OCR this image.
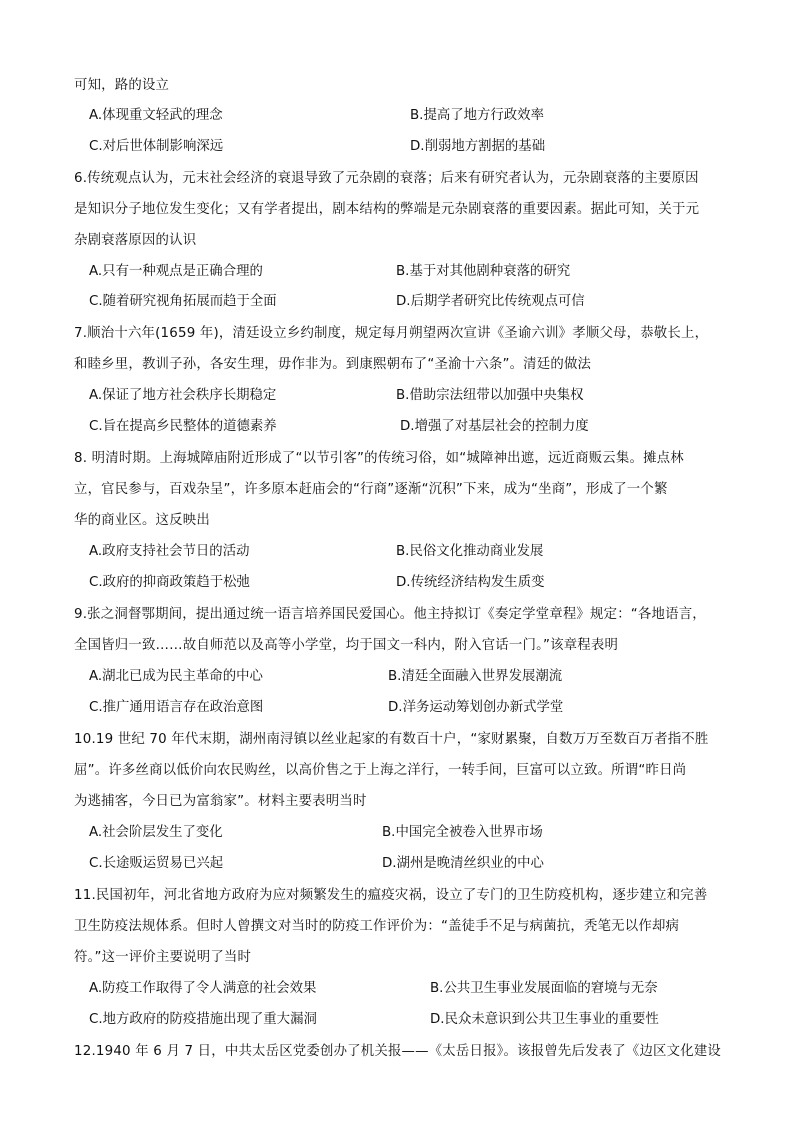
可知，路的设立
A.体现重文轻武的理念	B.提高了地方行政效率
C.对后世体制影响深远	D.削弱地方割据的基础
6.传统观点认为，元末社会经济的衰退导致了元杂剧的衰落；后来有研究者认为，元杂剧衰落的主要原因
是知识分子地位发生变化；又有学者提出，剧本结构的弊端是元杂剧衰落的重要因素。据此可知，关于元
杂剧衰落原因的认识
A.只有一种观点是正确合理的	B.基于对其他剧种衰落的研究
C.随着研究视角拓展而趋于全面	D.后期学者研究比传统观点可信
7.顺治十六年(1659 年)，清廷设立乡约制度，规定每月朔望两次宣讲《圣谕六训》孝顺父母，恭敬长上，
和睦乡里，教训子孙，各安生理，毋作非为。到康熙朝布了“圣渝十六条”。清廷的做法
A.保证了地方社会秩序长期稳定	B.借助宗法纽带以加强中央集权
C.旨在提高乡民整体的道德素养	D.增强了对基层社会的控制力度
8. 明清时期。上海城障庙附近形成了“以节引客”的传统习俗，如“城障神出遮，远近商贩云集。摊点林
立，官民参与，百戏杂呈”，许多原本赶庙会的“行商”逐渐“沉积”下来，成为“坐商”，形成了一个繁
华的商业区。这反映出
A.政府支持社会节日的活动	B.民俗文化推动商业发展
C.政府的抑商政策趋于松弛	D.传统经济结构发生质变
9.张之洞督鄂期间，提出通过统一语言培养国民爱国心。他主持拟订《奏定学堂章程》规定：“各地语言，
全国皆归一致……故自师范以及高等小学堂，均于国文一科内，附入官话一门。”该章程表明
A.湖北已成为民主革命的中心	B.清廷全面融入世界发展潮流
C.推广通用语言存在政治意图	D.洋务运动筹划创办新式学堂
10.19 世纪 70 年代末期，湖州南浔镇以丝业起家的有数百十户，“家财累聚，自数万万至数百万者指不胜
屈”。许多丝商以低价向农民购丝，以高价售之于上海之洋行，一转手间，巨富可以立致。所谓“昨日尚
为逃捕客，今日已为富翁家”。材料主要表明当时
A.社会阶层发生了变化	B.中国完全被卷入世界市场
C.长途贩运贸易已兴起	D.湖州是晚清丝织业的中心
11.民国初年，河北省地方政府为应对频繁发生的瘟疫灾祸，设立了专门的卫生防疫机构，逐步建立和完善
卫生防疫法规体系。但时人曾撰文对当时的防疫工作评价为：“盖徒手不足与病菌抗，秃笔无以作却病
符。”这一评价主要说明了当时
A.防疫工作取得了令人满意的社会效果	B.公共卫生事业发展面临的窘境与无奈
C.地方政府的防疫措施出现了重大漏洞	D.民众未意识到公共卫生事业的重要性
12.1940 年 6 月 7 日，中共太岳区党委创办了机关报——《太岳日报》。该报曾先后发表了《边区文化建设
